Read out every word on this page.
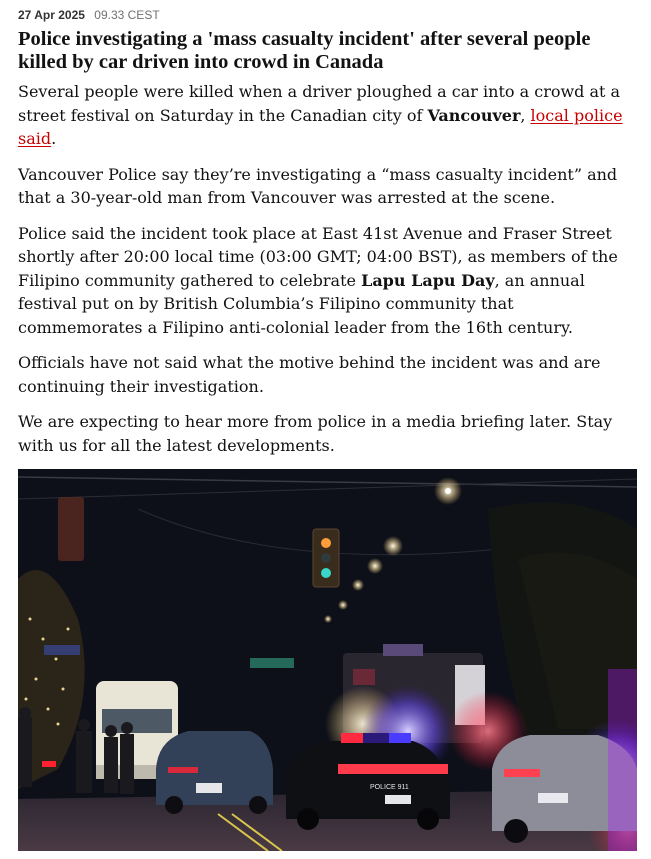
27 Apr 2025 09.33 CEST
Police investigating a 'mass casualty incident' after several people killed by car driven into crowd in Canada

Several people were killed when a driver ploughed a car into a crowd at a street festival on Saturday in the Canadian city of Vancouver, local police said.

Vancouver Police say they’re investigating a “mass casualty incident” and that a 30-year-old man from Vancouver was arrested at the scene.

Police said the incident took place at East 41st Avenue and Fraser Street shortly after 20:00 local time (03:00 GMT; 04:00 BST), as members of the Filipino community gathered to celebrate Lapu Lapu Day, an annual festival put on by British Columbia’s Filipino community that commemorates a Filipino anti-colonial leader from the 16th century.

Officials have not said what the motive behind the incident was and are continuing their investigation.

We are expecting to hear more from police in a media briefing later. Stay with us for all the latest developments.

POLICE 911
